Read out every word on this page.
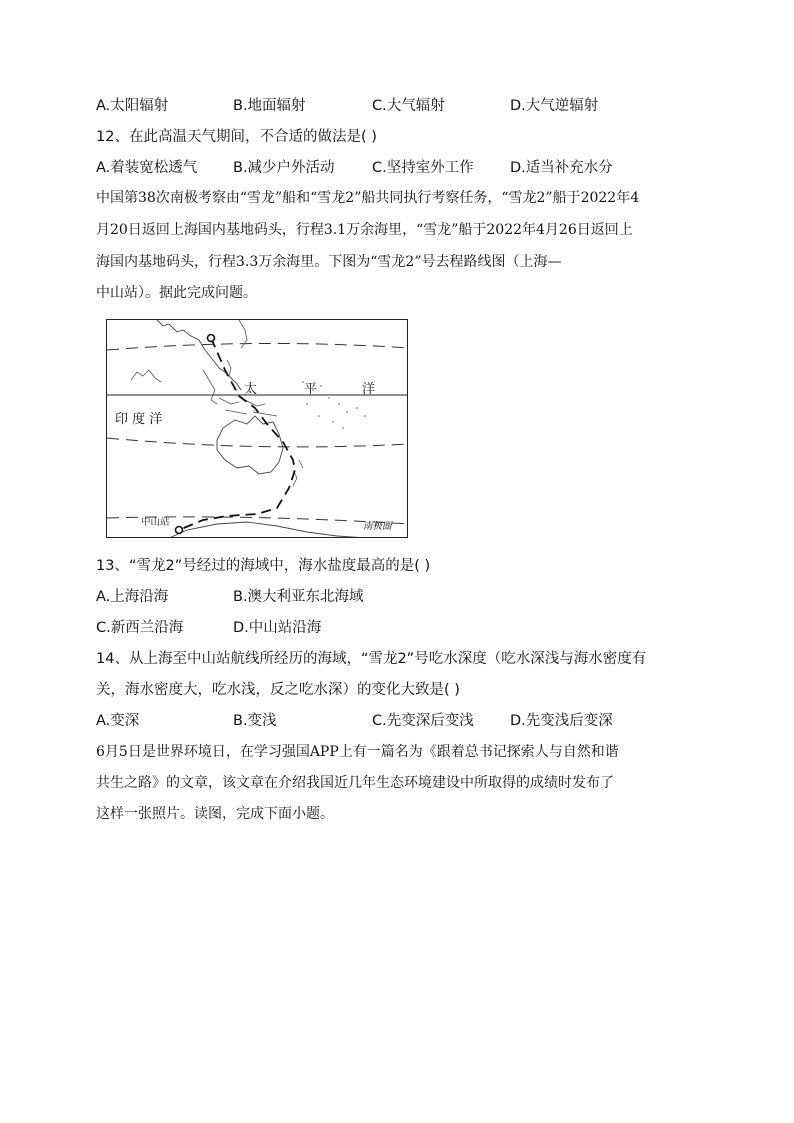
A.太阳辐射	B.地面辐射	C.大气辐射	D.大气逆辐射
12、在此高温天气期间，不合适的做法是( )
A.着装宽松透气 B.减少户外活动	C.坚持室外工作	D.适当补充水分
中国第38次南极考察由“雪龙”船和“雪龙2”船共同执行考察任务，“雪龙2”船于2022年4
月20日返回上海国内基地码头，行程3.1万余海里，“雪龙”船于2022年4月26日返回上
海国内基地码头，行程3.3万余海里。下图为“雪龙2”号去程路线图（上海—
中山站）。据此完成问题。
太	平	洋
印 度 洋
中山站	南极圈
13、“雪龙2”号经过的海域中，海水盐度最高的是( )
A.上海沿海	B.澳大利亚东北海域
C.新西兰沿海	D.中山站沿海
14、从上海至中山站航线所经历的海域，“雪龙2”号吃水深度（吃水深浅与海水密度有
关，海水密度大，吃水浅，反之吃水深）的变化大致是( )
A.变深	B.变浅	C.先变深后变浅	D.先变浅后变深
6月5日是世界环境日，在学习强国APP上有一篇名为《跟着总书记探索人与自然和谐
共生之路》的文章，该文章在介绍我国近几年生态环境建设中所取得的成绩时发布了
这样一张照片。读图，完成下面小题。
